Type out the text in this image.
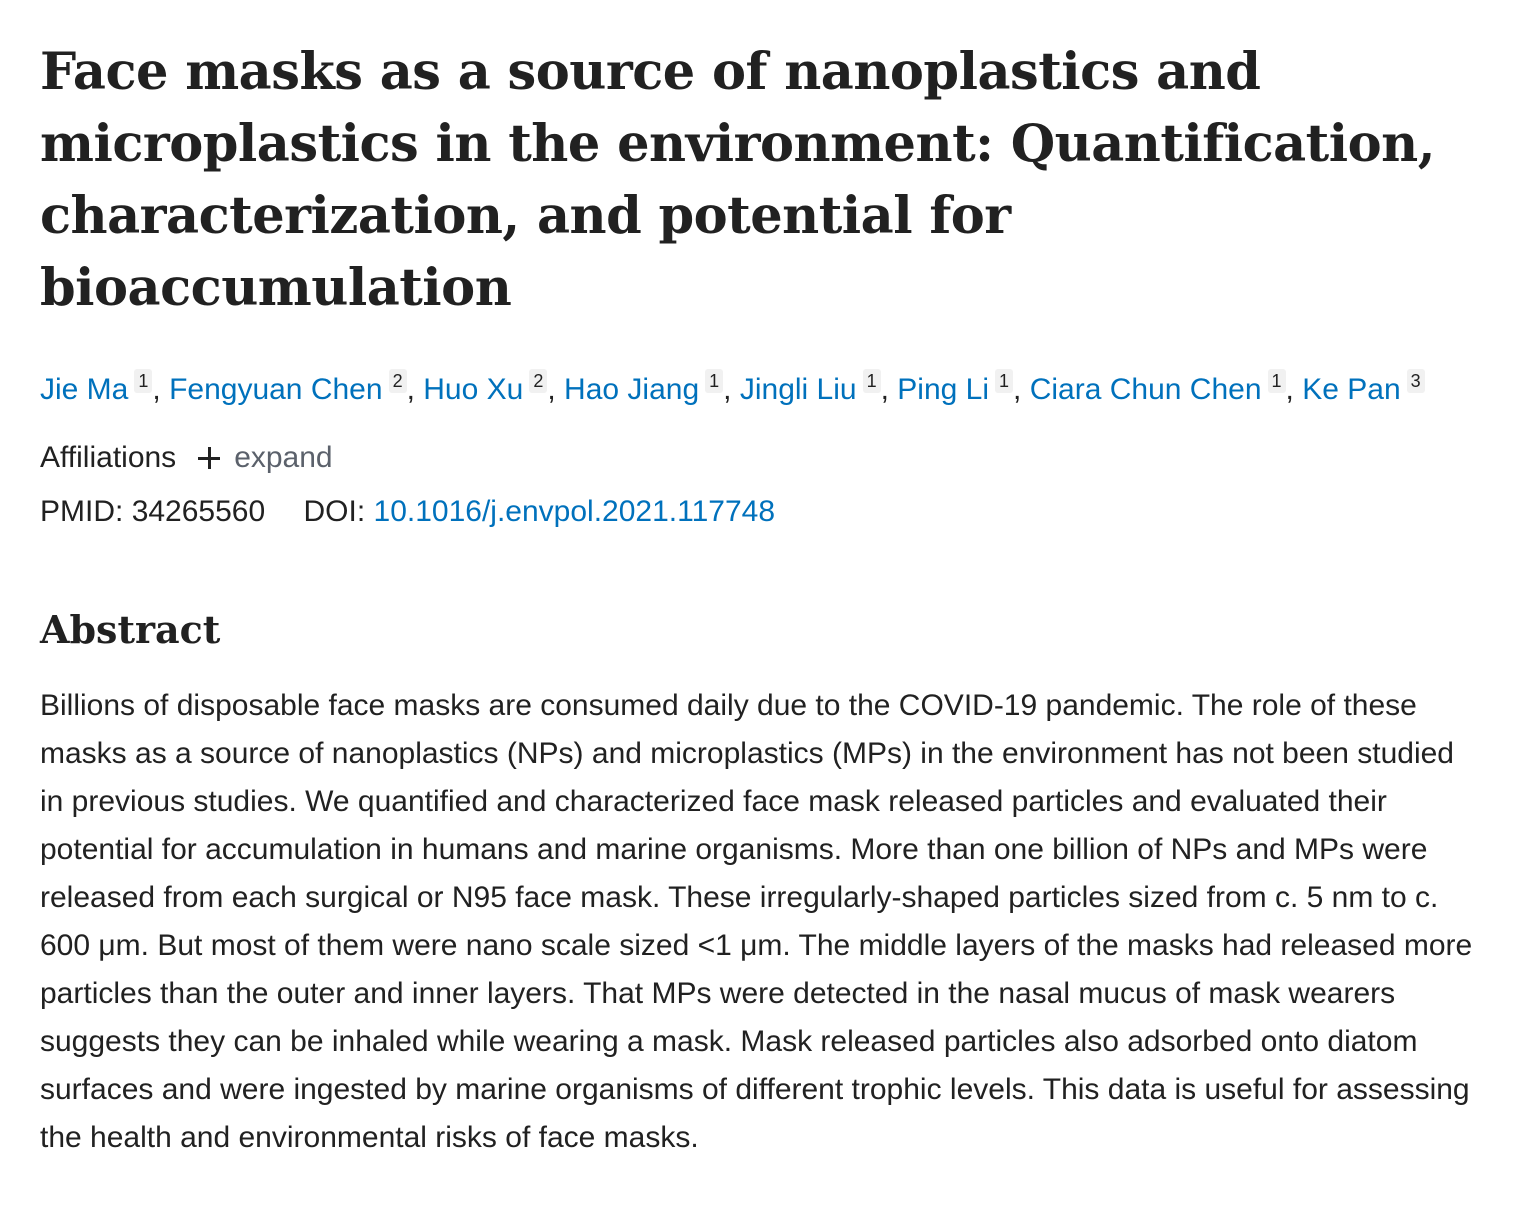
Face masks as a source of nanoplastics and microplastics in the environment: Quantification, characterization, and potential for bioaccumulation
Jie Ma 1 , Fengyuan Chen 2 , Huo Xu 2 , Hao Jiang 1 , Jingli Liu 1 , Ping Li 1 , Ciara Chun Chen 1 , Ke Pan 3
Affiliations expand
PMID: 34265560 DOI: 10.1016/j.envpol.2021.117748
Abstract
Billions of disposable face masks are consumed daily due to the COVID-19 pandemic. The role of these masks as a source of nanoplastics (NPs) and microplastics (MPs) in the environment has not been studied in previous studies. We quantified and characterized face mask released particles and evaluated their potential for accumulation in humans and marine organisms. More than one billion of NPs and MPs were released from each surgical or N95 face mask. These irregularly-shaped particles sized from c. 5 nm to c. 600 μm. But most of them were nano scale sized <1 μm. The middle layers of the masks had released more particles than the outer and inner layers. That MPs were detected in the nasal mucus of mask wearers suggests they can be inhaled while wearing a mask. Mask released particles also adsorbed onto diatom surfaces and were ingested by marine organisms of different trophic levels. This data is useful for assessing the health and environmental risks of face masks.
